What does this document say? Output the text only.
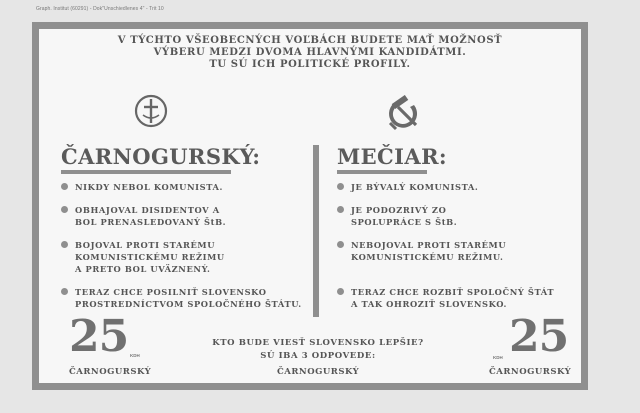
Graph. Institut (60291) - Dok"Unschiedlenes 4" - Trit 10
V TÝCHTO VŠEOBECNÝCH VOĽBÁCH BUDETE MAŤ MOŽNOSŤ
VÝBERU MEDZI DVOMA HLAVNÝMI KANDIDÁTMI.
TU SÚ ICH POLITICKÉ PROFILY.
ČARNOGURSKÝ:
NIKDY NEBOL KOMUNISTA.
OBHAJOVAL DISIDENTOV A
BOL PRENASLEDOVANÝ ŠtB.
BOJOVAL PROTI STARÉMU
KOMUNISTICKÉMU REŽIMU
A PRETO BOL UVÄZNENÝ.
TERAZ CHCE POSILNIŤ SLOVENSKO
PROSTREDNÍCTVOM SPOLOČNÉHO ŠTÁTU.
MEČIAR:
JE BÝVALÝ KOMUNISTA.
JE PODOZRIVÝ ZO
SPOLUPRÁCE S ŠtB.
NEBOJOVAL PROTI STARÉMU
KOMUNISTICKÉMU REŽIMU.
TERAZ CHCE ROZBIŤ SPOLOČNÝ ŠTÁT
A TAK OHROZIŤ SLOVENSKO.
25 KDH
ČARNOGURSKÝ
KTO BUDE VIESŤ SLOVENSKO LEPŠIE?
SÚ IBA 3 ODPOVEDE:
ČARNOGURSKÝ
KDH 25
ČARNOGURSKÝ
